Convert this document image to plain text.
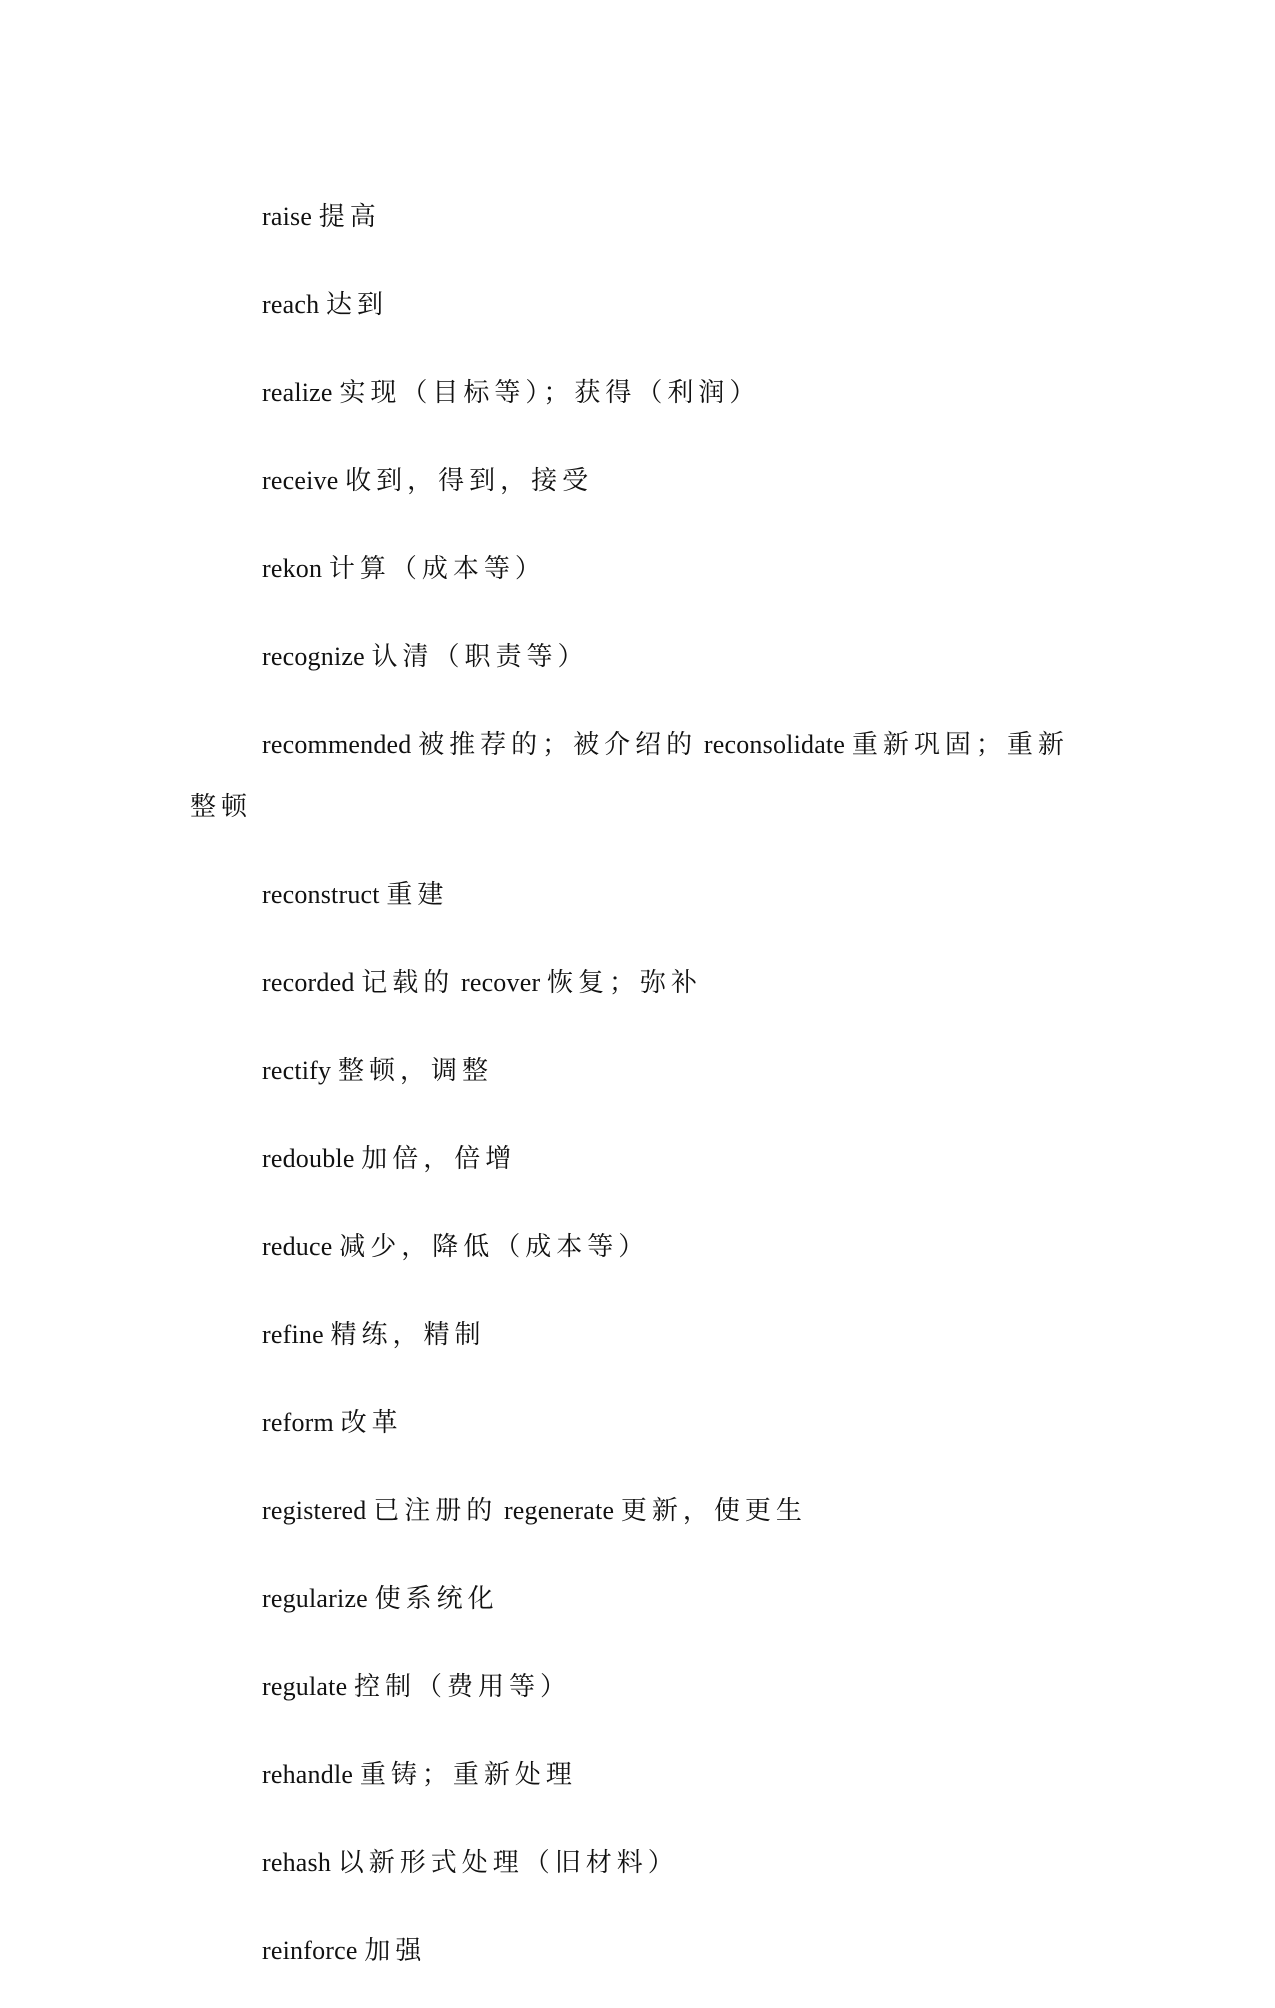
raise 提高

reach 达到

realize 实现（目标等）；获得（利润）

receive 收到，得到，接受

rekon 计算（成本等）

recognize 认清（职责等）

recommended 被推荐的；被介绍的 reconsolidate 重新巩固；重新整顿

reconstruct 重建

recorded 记载的 recover 恢复；弥补

rectify 整顿，调整

redouble 加倍，倍增

reduce 减少，降低（成本等）

refine 精练，精制

reform 改革

registered 已注册的 regenerate 更新，使更生

regularize 使系统化

regulate 控制（费用等）

rehandle 重铸；重新处理

rehash 以新形式处理（旧材料）

reinforce 加强
